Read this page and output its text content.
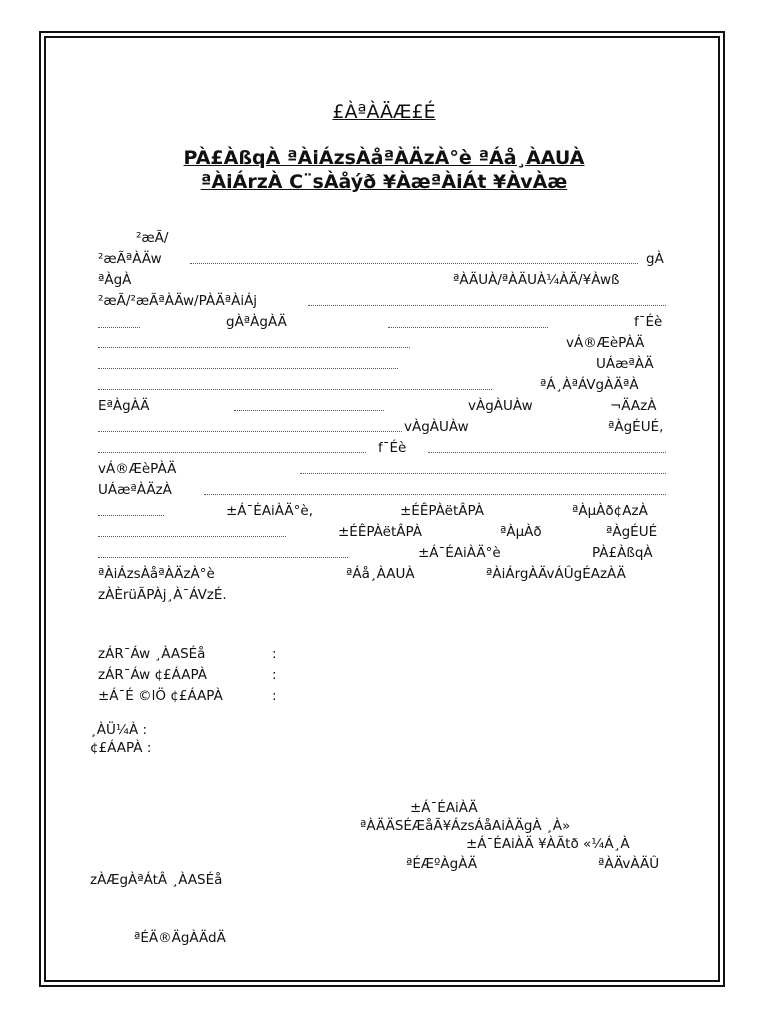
£ÀªÀÄÆ£É
PÀ£ÀßqÀ ªÀiÁzsÀåªÀÄzÀ°è ªÁå¸ÀAUÀ
ªÀiÁrzÀ C¨sÀåýð ¥ÀæªÀiÁt ¥ÀvÀæ
²æÃ/
²æÃªÀÄw	gÀ
ªÀgÀ	ªÀÄUÀ/ªÀÄUÀ¼ÀÄ/¥Àwß
²æÃ/²æÃªÀÄw/PÀÄªÀiÁj
gÀªÀgÀÄ	f¯Éè
vÁ®ÆèPÀÄ
UÁæªÀÄ
ªÁ¸ÀªÁVgÀÄªÀ
EªÀgÀÄ	vÀgÀUÀw	¬ÄAzÀ
vÀgÀUÀw	ªÀgÉUÉ,
f¯Éè
vÁ®ÆèPÀÄ
UÁæªÀÄzÀ
±Á¯ÉAiÀÄ°è,	±ÉÊPÀëtÂPÀ	ªÀµÀð¢AzÀ
±ÉÊPÀëtÂPÀ	ªÀµÀð	ªÀgÉUÉ
±Á¯ÉAiÀÄ°è	PÀ£ÀßqÀ
ªÀiÁzsÀåªÀÄzÀ°è	ªÁå¸ÀAUÀ	ªÀiÁrgÀÄvÁÛgÉAzÀÄ
zÀÈrüÃPÀj¸À¯ÁVzÉ.
zÁR¯Áw ¸ÀASÉå	:
zÁR¯Áw ¢£ÁAPÀ	:
±Á¯É ©lÖ ¢£ÁAPÀ	:
¸ÀÜ¼À :
¢£ÁAPÀ :
±Á¯ÉAiÀÄ
ªÀÄÄSÉÆåÃ¥ÁzsÁåAiÀÄgÀ ¸À»
±Á¯ÉAiÀÄ ¥ÀÃtð «¼Á¸À
ªÉÆºÀgÀÄ	ªÀÄvÀÄÛ
zÀÆgÀªÁtÂ ¸ÀASÉå
ªÉÄ®ÄgÀÄdÄ
